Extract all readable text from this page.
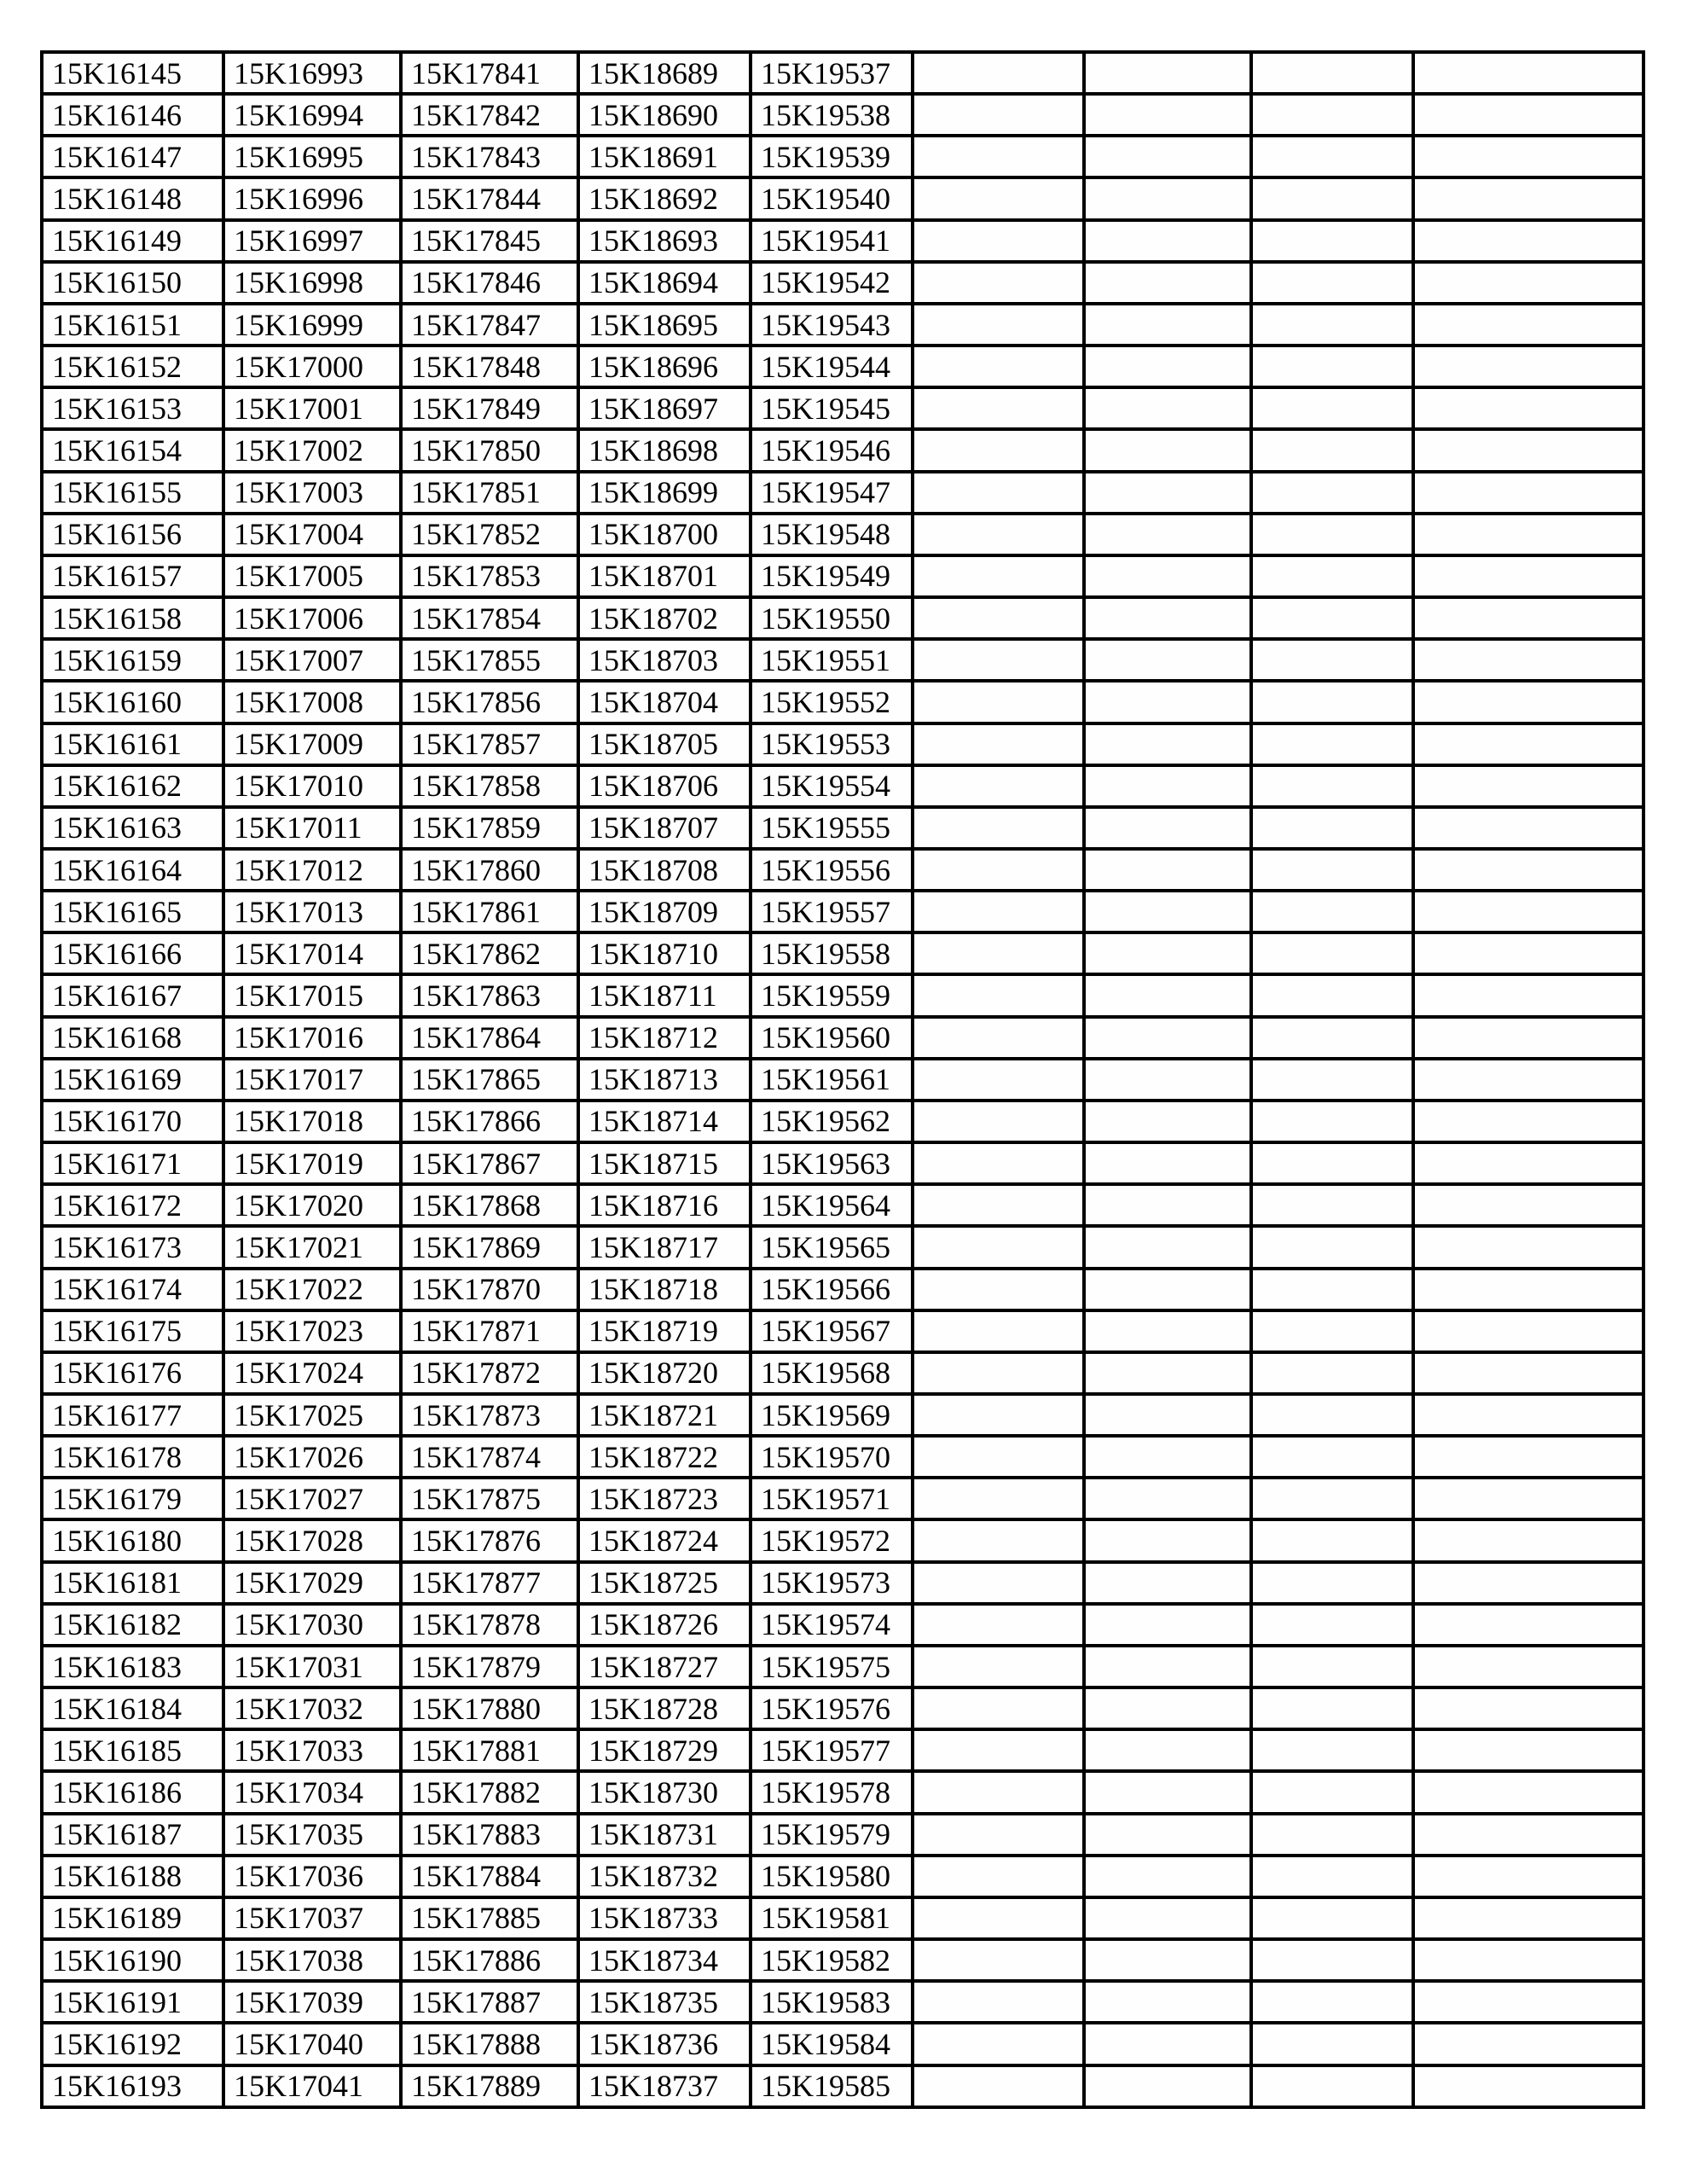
15K16145	15K16993	15K17841	15K18689	15K19537				
15K16146	15K16994	15K17842	15K18690	15K19538				
15K16147	15K16995	15K17843	15K18691	15K19539				
15K16148	15K16996	15K17844	15K18692	15K19540				
15K16149	15K16997	15K17845	15K18693	15K19541				
15K16150	15K16998	15K17846	15K18694	15K19542				
15K16151	15K16999	15K17847	15K18695	15K19543				
15K16152	15K17000	15K17848	15K18696	15K19544				
15K16153	15K17001	15K17849	15K18697	15K19545				
15K16154	15K17002	15K17850	15K18698	15K19546				
15K16155	15K17003	15K17851	15K18699	15K19547				
15K16156	15K17004	15K17852	15K18700	15K19548				
15K16157	15K17005	15K17853	15K18701	15K19549				
15K16158	15K17006	15K17854	15K18702	15K19550				
15K16159	15K17007	15K17855	15K18703	15K19551				
15K16160	15K17008	15K17856	15K18704	15K19552				
15K16161	15K17009	15K17857	15K18705	15K19553				
15K16162	15K17010	15K17858	15K18706	15K19554				
15K16163	15K17011	15K17859	15K18707	15K19555				
15K16164	15K17012	15K17860	15K18708	15K19556				
15K16165	15K17013	15K17861	15K18709	15K19557				
15K16166	15K17014	15K17862	15K18710	15K19558				
15K16167	15K17015	15K17863	15K18711	15K19559				
15K16168	15K17016	15K17864	15K18712	15K19560				
15K16169	15K17017	15K17865	15K18713	15K19561				
15K16170	15K17018	15K17866	15K18714	15K19562				
15K16171	15K17019	15K17867	15K18715	15K19563				
15K16172	15K17020	15K17868	15K18716	15K19564				
15K16173	15K17021	15K17869	15K18717	15K19565				
15K16174	15K17022	15K17870	15K18718	15K19566				
15K16175	15K17023	15K17871	15K18719	15K19567				
15K16176	15K17024	15K17872	15K18720	15K19568				
15K16177	15K17025	15K17873	15K18721	15K19569				
15K16178	15K17026	15K17874	15K18722	15K19570				
15K16179	15K17027	15K17875	15K18723	15K19571				
15K16180	15K17028	15K17876	15K18724	15K19572				
15K16181	15K17029	15K17877	15K18725	15K19573				
15K16182	15K17030	15K17878	15K18726	15K19574				
15K16183	15K17031	15K17879	15K18727	15K19575				
15K16184	15K17032	15K17880	15K18728	15K19576				
15K16185	15K17033	15K17881	15K18729	15K19577				
15K16186	15K17034	15K17882	15K18730	15K19578				
15K16187	15K17035	15K17883	15K18731	15K19579				
15K16188	15K17036	15K17884	15K18732	15K19580				
15K16189	15K17037	15K17885	15K18733	15K19581				
15K16190	15K17038	15K17886	15K18734	15K19582				
15K16191	15K17039	15K17887	15K18735	15K19583				
15K16192	15K17040	15K17888	15K18736	15K19584				
15K16193	15K17041	15K17889	15K18737	15K19585				
